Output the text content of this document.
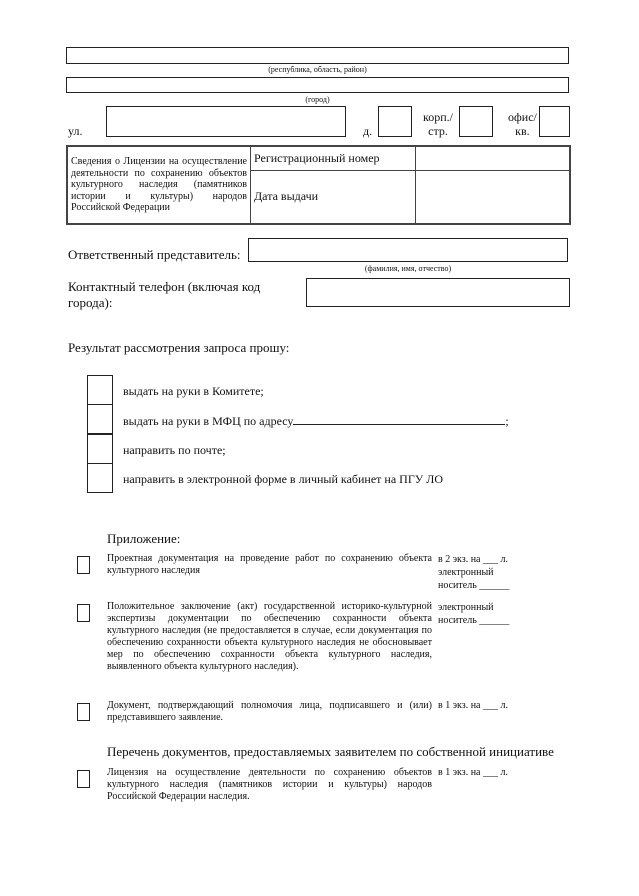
(республика, область, район)
(город)
ул.	д.
корп./
стр.
офис/
кв.
Сведения о Лицензии на осуществление деятельности по сохранению объектов культурного наследия (памятников истории и культуры) народов Российской Федерации	Регистрационный номер	
	Дата выдачи	
Ответственный представитель:
(фамилия, имя, отчество)
Контактный телефон (включая код
города):
Результат рассмотрения запроса прошу:
выдать на руки в Комитете;
выдать на руки в МФЦ по адресу	;
направить по почте;
направить в электронной форме в личный кабинет на ПГУ ЛО
Приложение:
Проектная документация на проведение работ по сохранению объекта культурного наследия
в 2 экз. на ___ л.
электронный
носитель ______
Положительное заключение (акт) государственной историко-культурной экспертизы документации по обеспечению сохранности объекта культурного наследия (не предоставляется в случае, если документация по обеспечению сохранности объекта культурного наследия не обосновывает мер по обеспечению сохранности объекта культурного наследия, выявленного объекта культурного наследия).
электронный
носитель ______
Документ, подтверждающий полномочия лица, подписавшего и (или) представившего заявление.
в 1 экз. на ___ л.
Перечень документов, предоставляемых заявителем по собственной инициативе
Лицензия на осуществление деятельности по сохранению объектов культурного наследия (памятников истории и культуры) народов Российской Федерации наследия.
в 1 экз. на ___ л.
